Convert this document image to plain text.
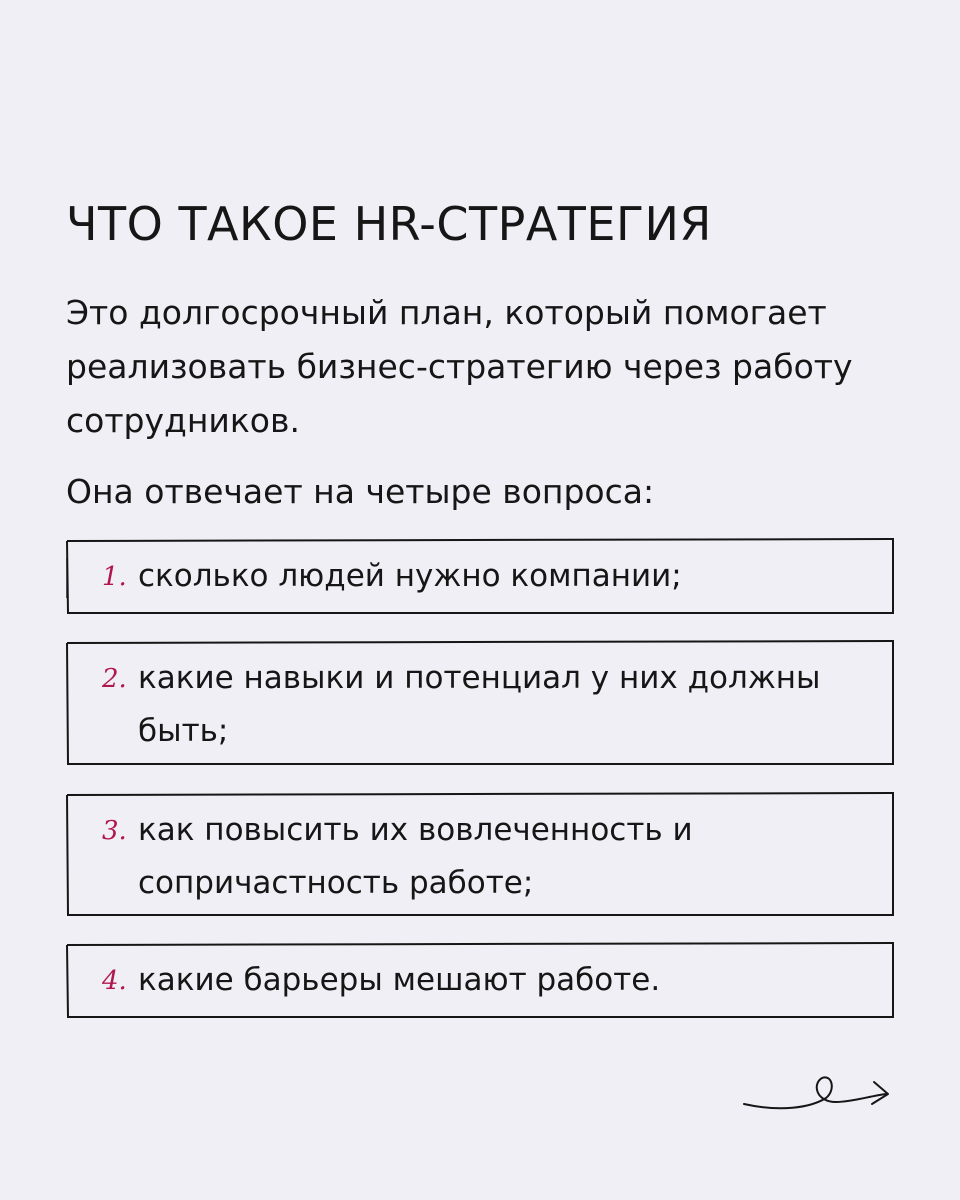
ЧТО ТАКОЕ HR-СТРАТЕГИЯ

Это долгосрочный план, который помогает реализовать бизнес-стратегию через работу сотрудников.

Она отвечает на четыре вопроса:

1. сколько людей нужно компании;
2. какие навыки и потенциал у них должны быть;
3. как повысить их вовлеченность и сопричастность работе;
4. какие барьеры мешают работе.
